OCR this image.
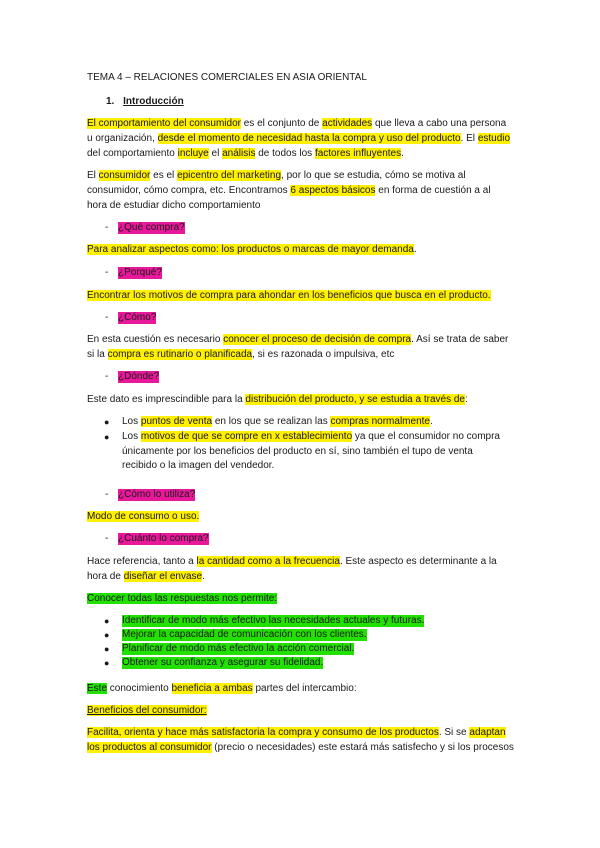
TEMA 4 – RELACIONES COMERCIALES EN ASIA ORIENTAL
1. Introducción
El comportamiento del consumidor es el conjunto de actividades que lleva a cabo una persona
u organización, desde el momento de necesidad hasta la compra y uso del producto. El estudio
del comportamiento incluye el análisis de todos los factores influyentes.
El consumidor es el epicentro del marketing, por lo que se estudia, cómo se motiva al
consumidor, cómo compra, etc. Encontramos 6 aspectos básicos en forma de cuestión a al
hora de estudiar dicho comportamiento
- ¿Qué compra?
Para analizar aspectos como: los productos o marcas de mayor demanda.
- ¿Porqué?
Encontrar los motivos de compra para ahondar en los beneficios que busca en el producto.
- ¿Cómo?
En esta cuestión es necesario conocer el proceso de decisión de compra. Así se trata de saber
si la compra es rutinario o planificada, si es razonada o impulsiva, etc
- ¿Dónde?
Este dato es imprescindible para la distribución del producto, y se estudia a través de:
● Los puntos de venta en los que se realizan las compras normalmente.
● Los motivos de que se compre en x establecimiento ya que el consumidor no compra
únicamente por los beneficios del producto en sí, sino también el tupo de venta
recibido o la imagen del vendedor.
- ¿Cómo lo utiliza?
Modo de consumo o uso.
- ¿Cuánto lo compra?
Hace referencia, tanto a la cantidad como a la frecuencia. Este aspecto es determinante a la
hora de diseñar el envase.
Conocer todas las respuestas nos permite:
● Identificar de modo más efectivo las necesidades actuales y futuras.
● Mejorar la capacidad de comunicación con los clientes.
● Planificar de modo más efectivo la acción comercial.
● Obtener su confianza y asegurar su fidelidad.
Este conocimiento beneficia a ambas partes del intercambio:
Beneficios del consumidor:
Facilita, orienta y hace más satisfactoria la compra y consumo de los productos. Si se adaptan
los productos al consumidor (precio o necesidades) este estará más satisfecho y si los procesos
